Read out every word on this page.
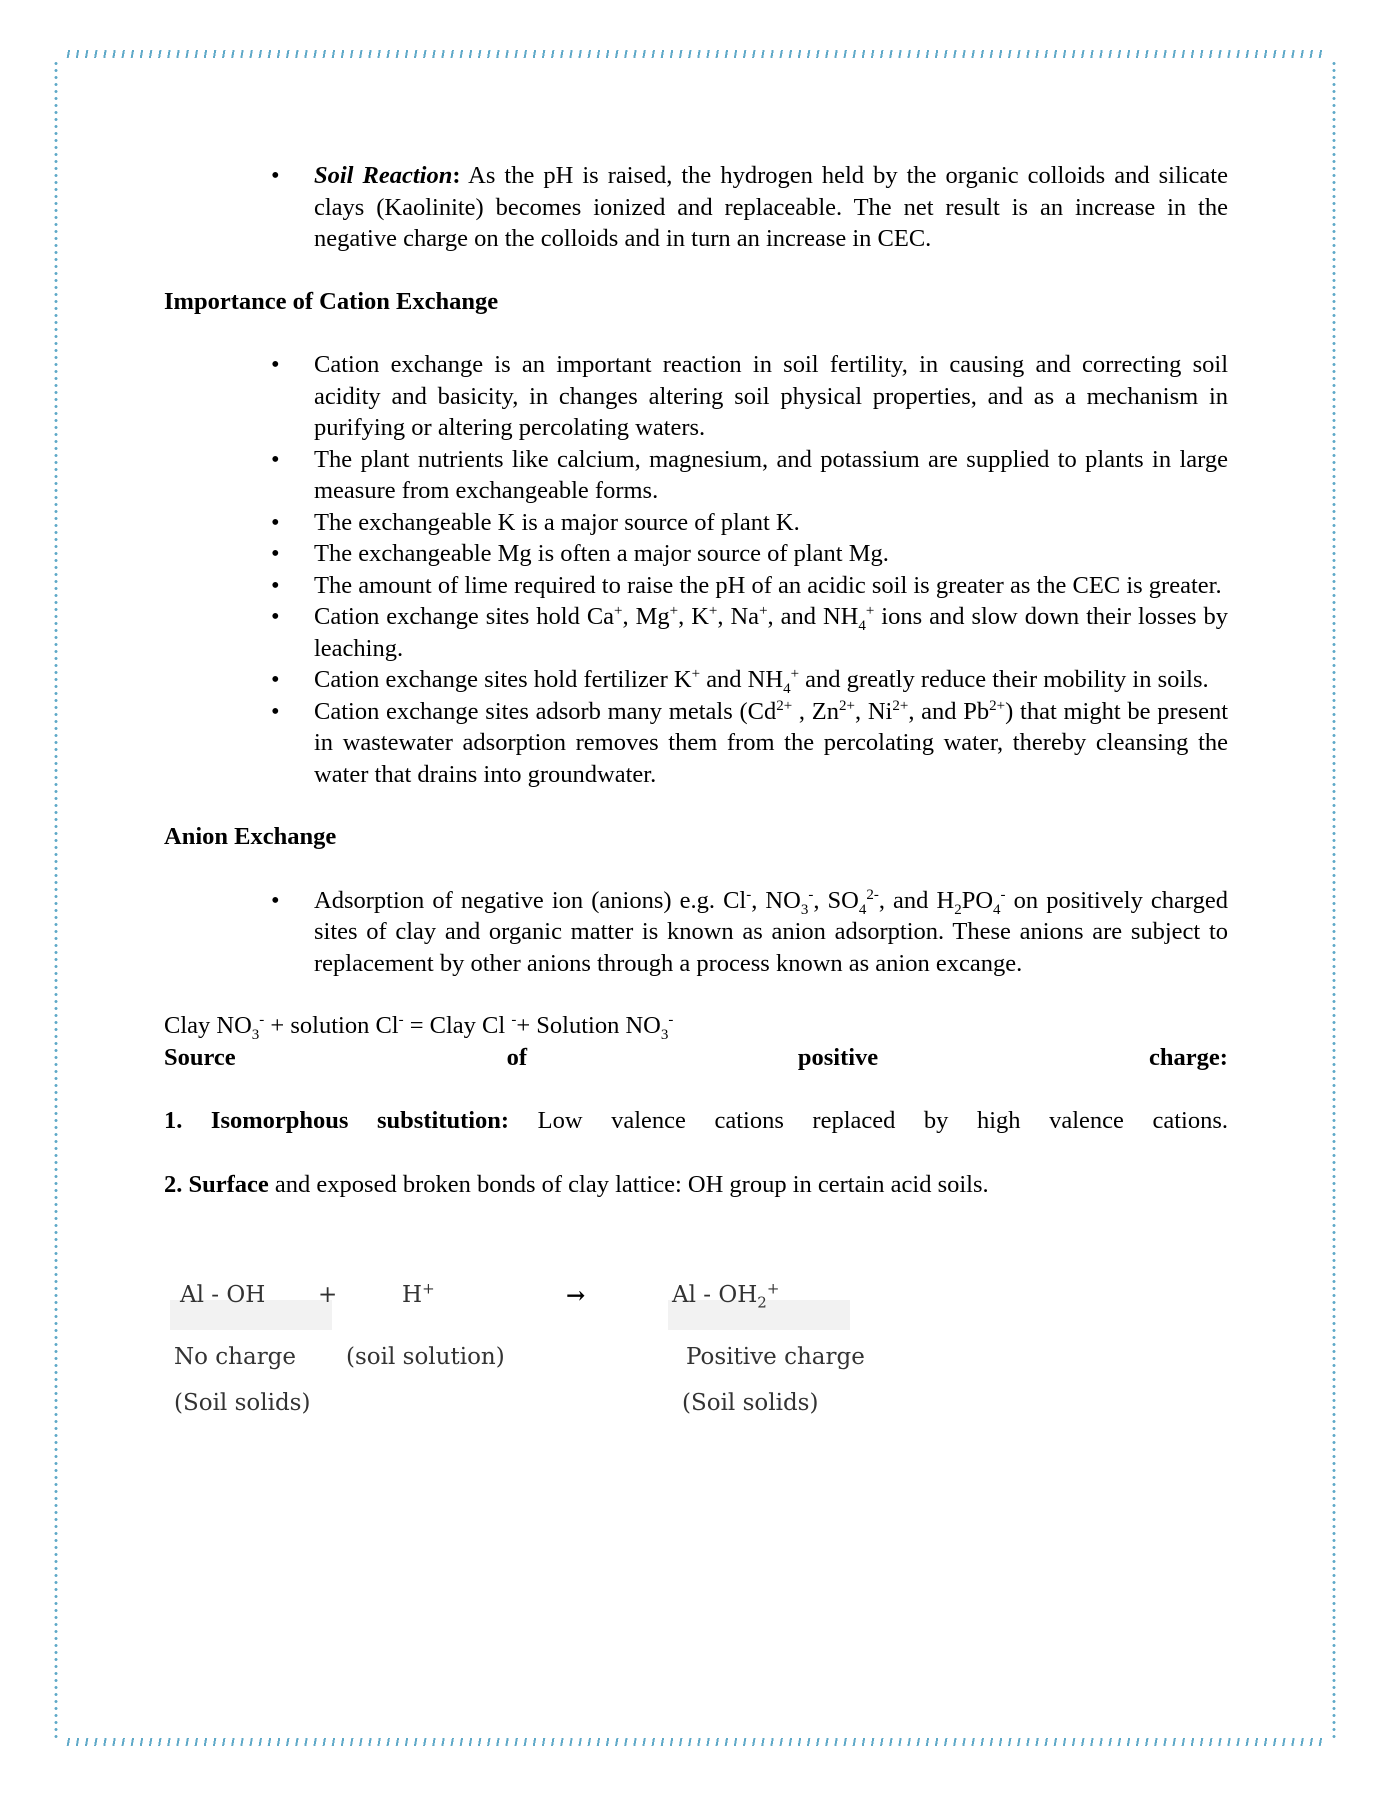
• Soil Reaction: As the pH is raised, the hydrogen held by the organic colloids and silicate clays (Kaolinite) becomes ionized and replaceable. The net result is an increase in the negative charge on the colloids and in turn an increase in CEC.
Importance of Cation Exchange
• Cation exchange is an important reaction in soil fertility, in causing and correcting soil acidity and basicity, in changes altering soil physical properties, and as a mechanism in purifying or altering percolating waters.
• The plant nutrients like calcium, magnesium, and potassium are supplied to plants in large measure from exchangeable forms.
• The exchangeable K is a major source of plant K.
• The exchangeable Mg is often a major source of plant Mg.
• The amount of lime required to raise the pH of an acidic soil is greater as the CEC is greater.
• Cation exchange sites hold Ca+, Mg+, K+, Na+, and $NH_4^+$ ions and slow down their losses by leaching.
• Cation exchange sites hold fertilizer K+ and $NH_4^+$ and greatly reduce their mobility in soils.
• Cation exchange sites adsorb many metals ($Cd^{2+}$ , $Zn^{2+}$, $Ni^{2+}$, and $Pb^{2+}$) that might be present in wastewater adsorption removes them from the percolating water, thereby cleansing the water that drains into groundwater.
Anion Exchange
• Adsorption of negative ion (anions) e.g. Cl-, $NO_3^-$, $SO_4^{2-}$, and $H_2PO_4^-$ on positively charged sites of clay and organic matter is known as anion adsorption. These anions are subject to replacement by other anions through a process known as anion excange.

Clay $NO_3^-$ + solution Cl- = Clay Cl -+ Solution $NO_3^-$

Source	of	positive	charge:

1. Isomorphous substitution: Low valence cations replaced by high valence cations.

2. Surface and exposed broken bonds of clay lattice: OH group in certain acid soils.

Al - OH +	H+	→	Al - $OH_2^+$
No charge (soil solution)	Positive charge
(Soil solids)	(Soil solids)
